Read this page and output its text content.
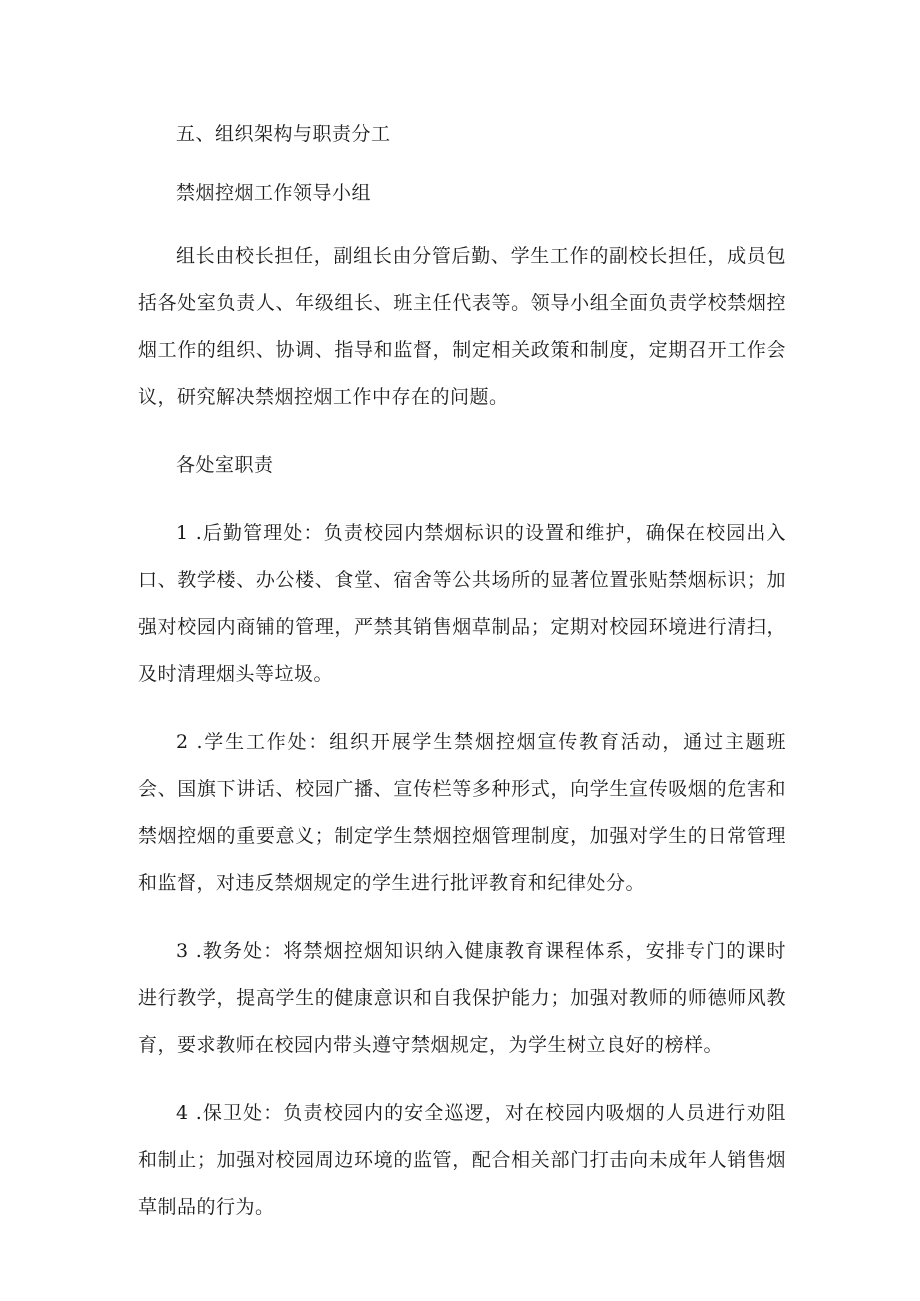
五、组织架构与职责分工

禁烟控烟工作领导小组

组长由校长担任，副组长由分管后勤、学生工作的副校长担任，成员包括各处室负责人、年级组长、班主任代表等。领导小组全面负责学校禁烟控烟工作的组织、协调、指导和监督，制定相关政策和制度，定期召开工作会议，研究解决禁烟控烟工作中存在的问题。

各处室职责

1 .后勤管理处：负责校园内禁烟标识的设置和维护，确保在校园出入口、教学楼、办公楼、食堂、宿舍等公共场所的显著位置张贴禁烟标识；加强对校园内商铺的管理，严禁其销售烟草制品；定期对校园环境进行清扫，及时清理烟头等垃圾。

2 .学生工作处：组织开展学生禁烟控烟宣传教育活动，通过主题班会、国旗下讲话、校园广播、宣传栏等多种形式，向学生宣传吸烟的危害和禁烟控烟的重要意义；制定学生禁烟控烟管理制度，加强对学生的日常管理和监督，对违反禁烟规定的学生进行批评教育和纪律处分。

3 .教务处：将禁烟控烟知识纳入健康教育课程体系，安排专门的课时进行教学，提高学生的健康意识和自我保护能力；加强对教师的师德师风教育，要求教师在校园内带头遵守禁烟规定，为学生树立良好的榜样。

4 .保卫处：负责校园内的安全巡逻，对在校园内吸烟的人员进行劝阻和制止；加强对校园周边环境的监管，配合相关部门打击向未成年人销售烟草制品的行为。
